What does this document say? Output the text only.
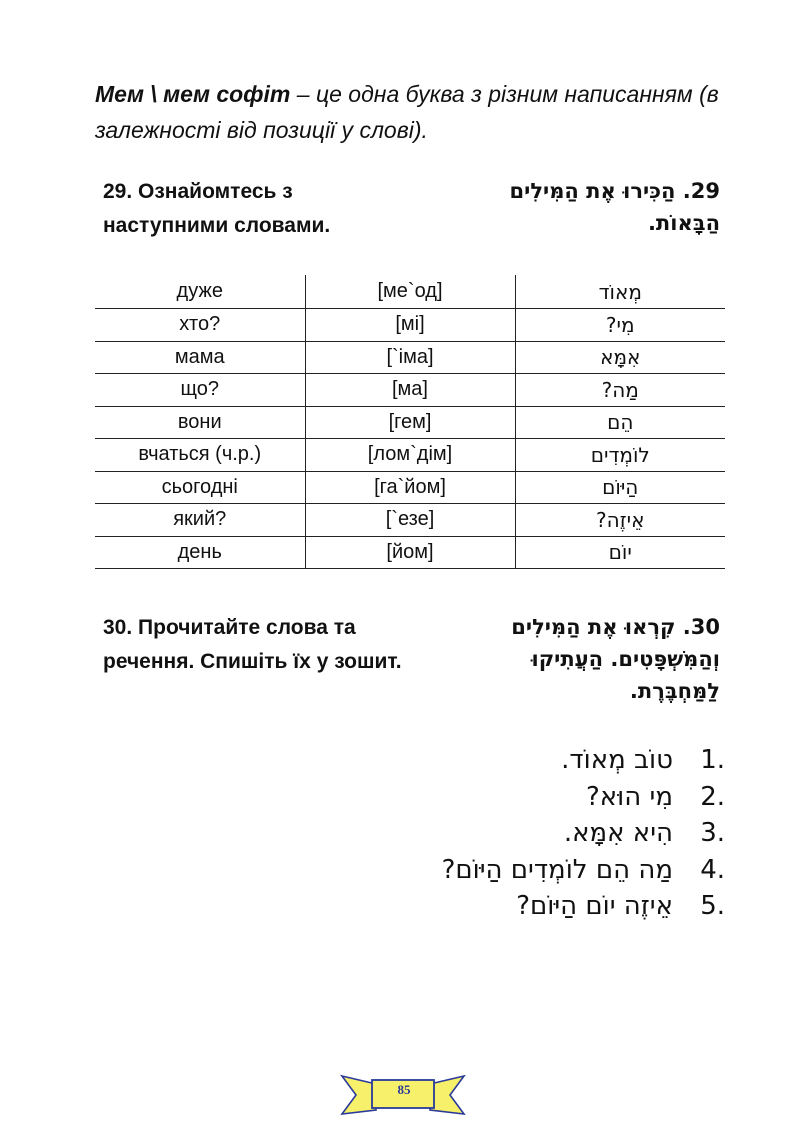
Мем \ мем софіт – це одна буква з різним написанням (в залежності від позиції у слові).
29. Ознайомтесь з наступними словами.
29. הַכִּירוּ אֶת הַמִּילִים הַבָּאוֹת.
дуже	[ме`од]	מְאוֹד
хто?	[мі]	מִי?
мама	[`іма]	אִמָּא
що?	[ма]	מַה?
вони	[гем]	הֵם
вчаться (ч.р.)	[лом`дім]	לוֹמְדִים
сьогодні	[га`йом]	הַיּוֹם
який?	[`езе]	אֵיזֶה?
день	[йом]	יוֹם
30. Прочитайте слова та речення. Спишіть їх у зошит.
30. קִרְאוּ אֶת הַמִּילִים וְהַמִּשְׁפָּטִים. הַעֲתִיקוּ לַמַּחְבֶּרֶת.
1.טוֹב מְאוֹד.
2.מִי הוּא?
3.הִיא אִמָּא.
4.מַה הֵם לוֹמְדִים הַיּוֹם?
5.אֵיזֶה יוֹם הַיּוֹם?
85
